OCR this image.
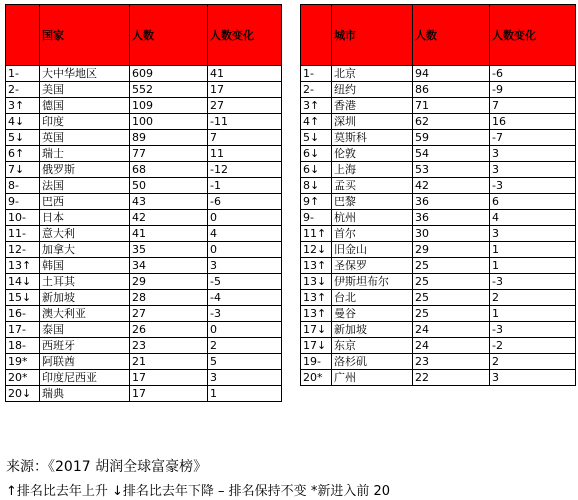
	国家	人数	人数变化
1-	大中华地区	609	41
2-	美国	552	17
3↑	德国	109	27
4↓	印度	100	-11
5↓	英国	89	7
6↑	瑞士	77	11
7↓	俄罗斯	68	-12
8-	法国	50	-1
9-	巴西	43	-6
10-	日本	42	0
11-	意大利	41	4
12-	加拿大	35	0
13↑	韩国	34	3
14↓	土耳其	29	-5
15↓	新加坡	28	-4
16-	澳大利亚	27	-3
17-	泰国	26	0
18-	西班牙	23	2
19*	阿联酋	21	5
20*	印度尼西亚	17	3
20↓	瑞典	17	1
	城市	人数	人数变化
1-	北京	94	-6
2-	纽约	86	-9
3↑	香港	71	7
4↑	深圳	62	16
5↓	莫斯科	59	-7
6↓	伦敦	54	3
6↓	上海	53	3
8↓	孟买	42	-3
9↑	巴黎	36	6
9-	杭州	36	4
11↑	首尔	30	3
12↓	旧金山	29	1
13↑	圣保罗	25	1
13↓	伊斯坦布尔	25	-3
13↑	台北	25	2
13↑	曼谷	25	1
17↓	新加坡	24	-3
17↓	东京	24	-2
19-	洛杉矶	23	2
20*	广州	22	3
来源：《2017 胡润全球富豪榜》
↑排名比去年上升 ↓排名比去年下降 – 排名保持不变 *新进入前 20
